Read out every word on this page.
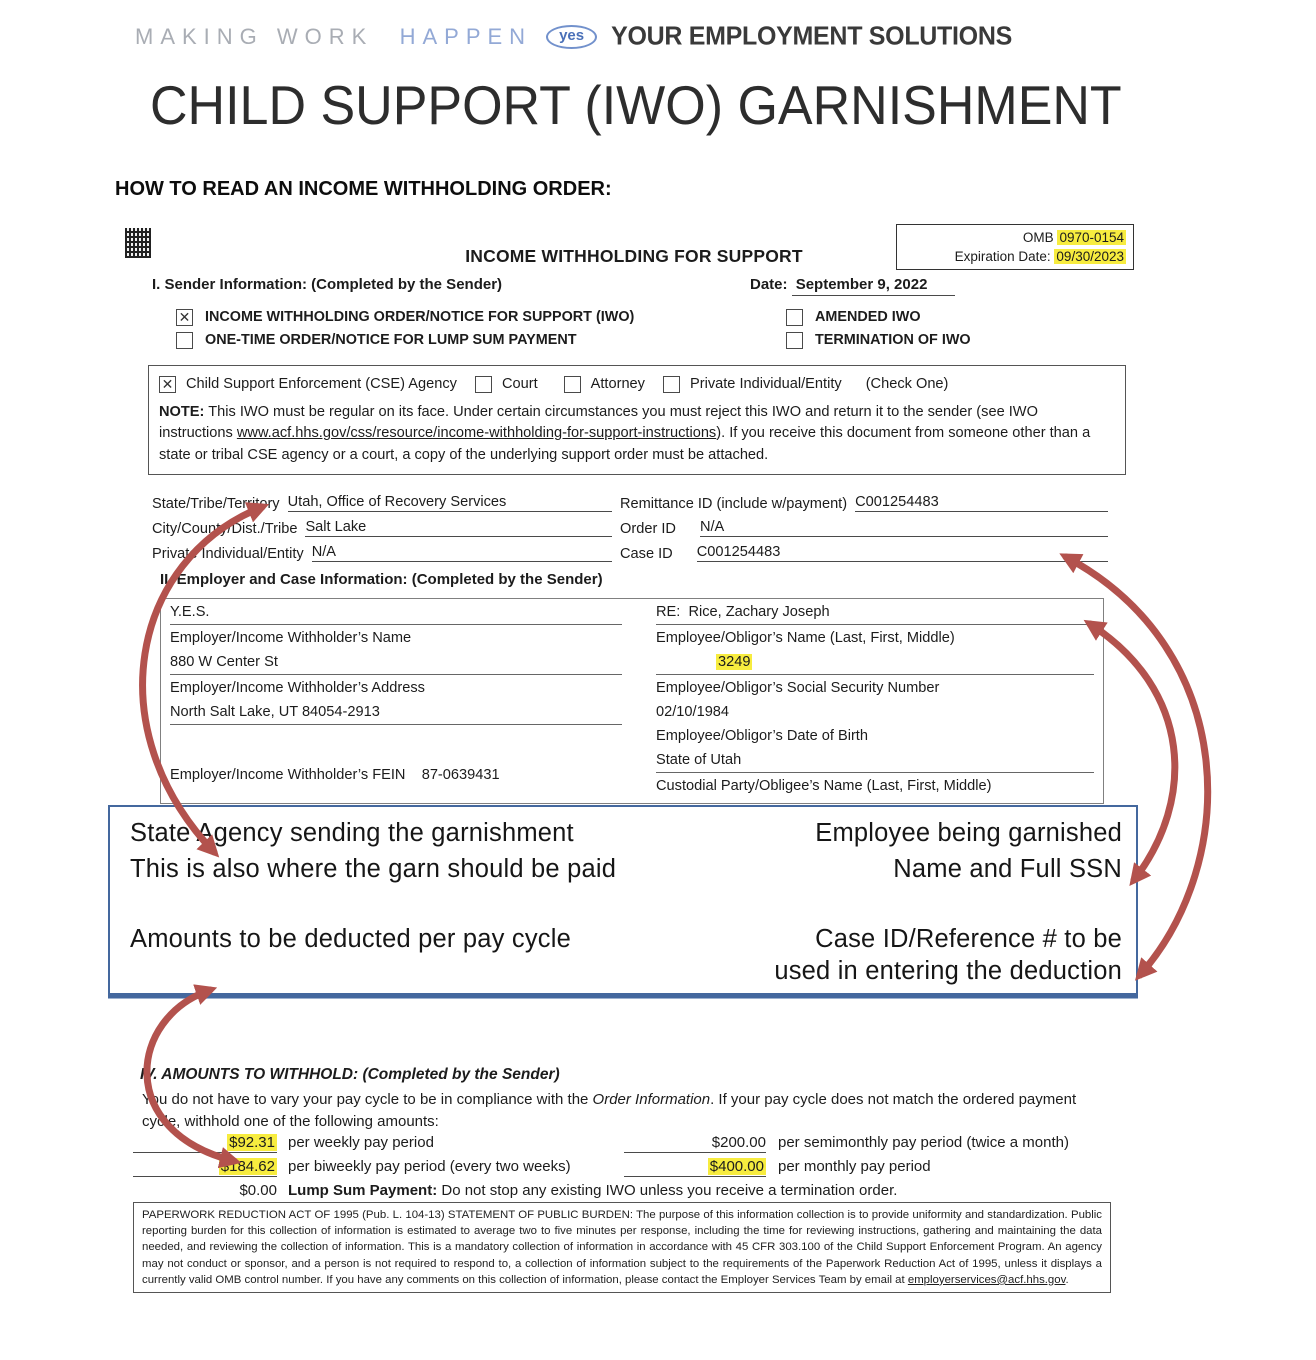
MAKING WORK HAPPEN	yes	YOUR EMPLOYMENT SOLUTIONS
CHILD SUPPORT (IWO) GARNISHMENT
HOW TO READ AN INCOME WITHHOLDING ORDER:
INCOME WITHHOLDING FOR SUPPORT
OMB 0970-0154
Expiration Date: 09/30/2023
I. Sender Information: (Completed by the Sender)	Date: September 9, 2022
✕
INCOME WITHHOLDING ORDER/NOTICE FOR SUPPORT (IWO)
ONE-TIME ORDER/NOTICE FOR LUMP SUM PAYMENT
AMENDED IWO
TERMINATION OF IWO
✕
Child Support Enforcement (CSE) Agency	Court	Attorney	Private Individual/Entity (Check One)
NOTE: This IWO must be regular on its face. Under certain circumstances you must reject this IWO and return it to the sender (see IWO instructions www.acf.hhs.gov/css/resource/income-withholding-for-support-instructions). If you receive this document from someone other than a state or tribal CSE agency or a court, a copy of the underlying support order must be attached.
State/Tribe/Territory Utah, Office of Recovery Services
City/County/Dist./Tribe Salt Lake
Private Individual/Entity N/A
Remittance ID (include w/payment) C001254483
Order ID N/A
Case ID C001254483
II. Employer and Case Information: (Completed by the Sender)
Y.E.S.
Employer/Income Withholder’s Name
880 W Center St
Employer/Income Withholder’s Address
North Salt Lake, UT 84054-2913
Employer/Income Withholder’s FEIN 87-0639431
RE: Rice, Zachary Joseph
Employee/Obligor’s Name (Last, First, Middle)
3249
Employee/Obligor’s Social Security Number
02/10/1984
Employee/Obligor’s Date of Birth
State of Utah
Custodial Party/Obligee’s Name (Last, First, Middle)
State Agency sending the garnishment
This is also where the garn should be paid
Employee being garnished
Name and Full SSN
Amounts to be deducted per pay cycle	Case ID/Reference # to be
used in entering the deduction
IV. AMOUNTS TO WITHHOLD: (Completed by the Sender)
You do not have to vary your pay cycle to be in compliance with the Order Information. If your pay cycle does not match the ordered payment cycle, withhold one of the following amounts:
$92.31 per weekly pay period	$200.00 per semimonthly pay period (twice a month)
$184.62 per biweekly pay period (every two weeks)	$400.00 per monthly pay period
$0.00 Lump Sum Payment: Do not stop any existing IWO unless you receive a termination order.
PAPERWORK REDUCTION ACT OF 1995 (Pub. L. 104-13) STATEMENT OF PUBLIC BURDEN: The purpose of this information collection is to provide uniformity and standardization. Public reporting burden for this collection of information is estimated to average two to five minutes per response, including the time for reviewing instructions, gathering and maintaining the data needed, and reviewing the collection of information. This is a mandatory collection of information in accordance with 45 CFR 303.100 of the Child Support Enforcement Program. An agency may not conduct or sponsor, and a person is not required to respond to, a collection of information subject to the requirements of the Paperwork Reduction Act of 1995, unless it displays a currently valid OMB control number. If you have any comments on this collection of information, please contact the Employer Services Team by email at employerservices@acf.hhs.gov.
